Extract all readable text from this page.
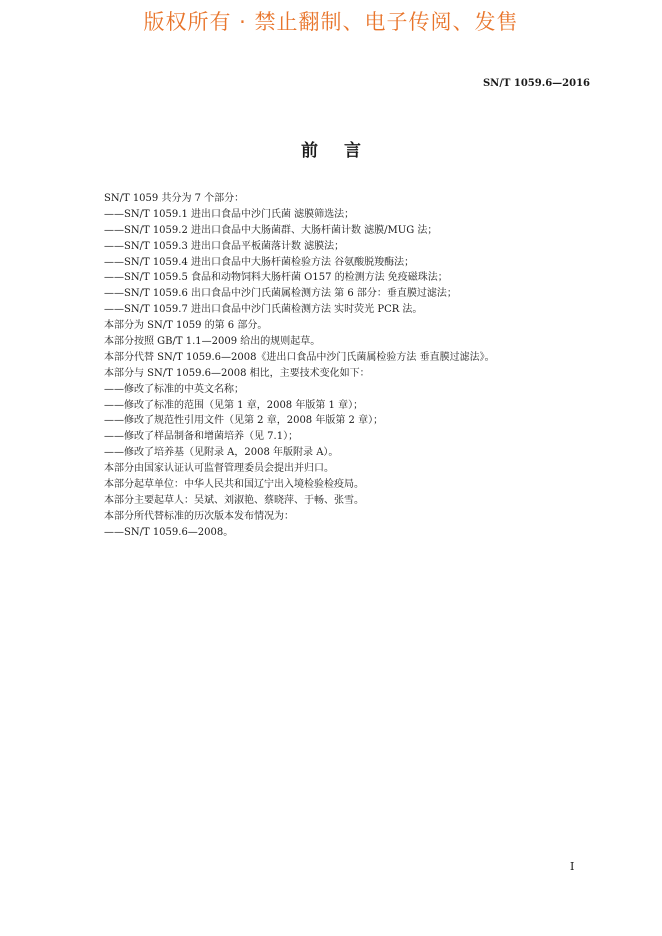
版权所有 · 禁止翻制、电子传阅、发售
SN/T 1059.6—2016
前言
SN/T 1059 共分为 7 个部分：
——SN/T 1059.1 进出口食品中沙门氏菌 滤膜筛选法；
——SN/T 1059.2 进出口食品中大肠菌群、大肠杆菌计数 滤膜/MUG 法；
——SN/T 1059.3 进出口食品平板菌落计数 滤膜法；
——SN/T 1059.4 进出口食品中大肠杆菌检验方法 谷氨酸脱羧酶法；
——SN/T 1059.5 食品和动物饲料大肠杆菌 O157 的检测方法 免疫磁珠法；
——SN/T 1059.6 出口食品中沙门氏菌属检测方法 第 6 部分：垂直膜过滤法；
——SN/T 1059.7 进出口食品中沙门氏菌检测方法 实时荧光 PCR 法。
本部分为 SN/T 1059 的第 6 部分。
本部分按照 GB/T 1.1—2009 给出的规则起草。
本部分代替 SN/T 1059.6—2008《进出口食品中沙门氏菌属检验方法 垂直膜过滤法》。
本部分与 SN/T 1059.6—2008 相比，主要技术变化如下：
——修改了标准的中英文名称；
——修改了标准的范围（见第 1 章，2008 年版第 1 章）；
——修改了规范性引用文件（见第 2 章，2008 年版第 2 章）；
——修改了样品制备和增菌培养（见 7.1）；
——修改了培养基（见附录 A，2008 年版附录 A）。
本部分由国家认证认可监督管理委员会提出并归口。
本部分起草单位：中华人民共和国辽宁出入境检验检疫局。
本部分主要起草人：吴斌、刘淑艳、蔡晓萍、于畅、张雪。
本部分所代替标准的历次版本发布情况为：
——SN/T 1059.6—2008。
I
